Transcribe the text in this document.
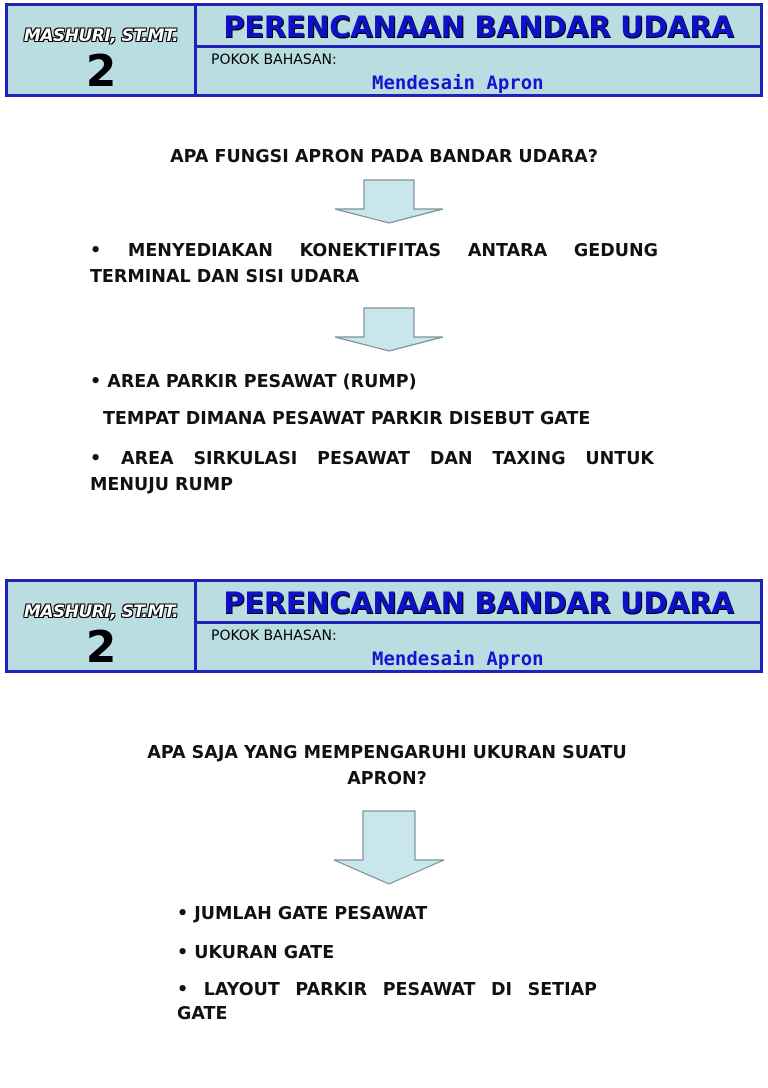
MASHURI, ST.MT.
2
PERENCANAAN BANDAR UDARA
POKOK BAHASAN:
Mendesain Apron
APA FUNGSI APRON PADA BANDAR UDARA?
• MENYEDIAKAN KONEKTIFITAS ANTARA GEDUNG TERMINAL DAN SISI UDARA
• AREA PARKIR PESAWAT (RUMP)
TEMPAT DIMANA PESAWAT PARKIR DISEBUT GATE
• AREA SIRKULASI PESAWAT DAN TAXING UNTUK MENUJU RUMP
MASHURI, ST.MT.
2
PERENCANAAN BANDAR UDARA
POKOK BAHASAN:
Mendesain Apron
APA SAJA YANG MEMPENGARUHI UKURAN SUATU APRON?
• JUMLAH GATE PESAWAT
• UKURAN GATE
• LAYOUT PARKIR PESAWAT DI SETIAP GATE
